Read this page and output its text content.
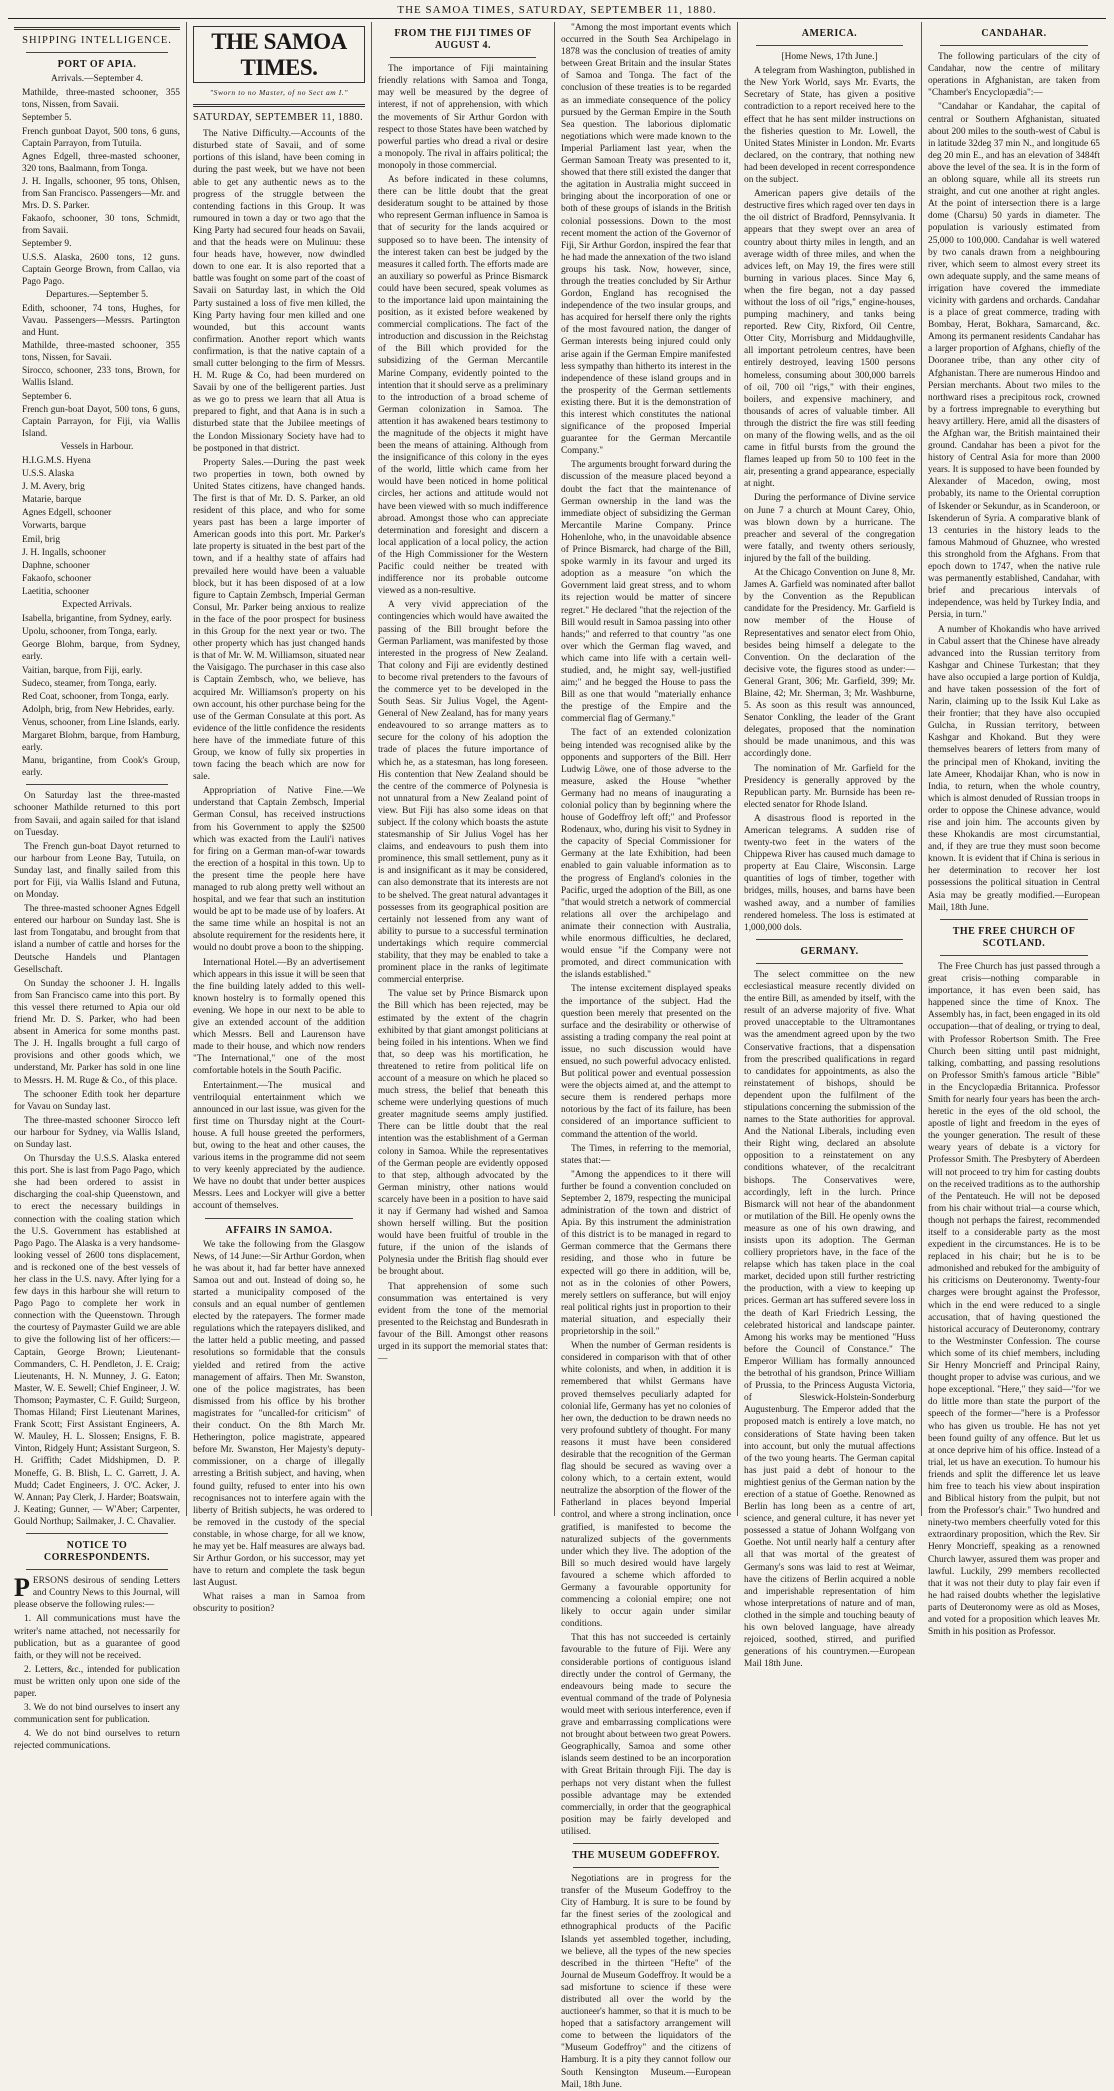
THE SAMOA TIMES, SATURDAY, SEPTEMBER 11, 1880.
SHIPPING INTELLIGENCE.
PORT OF APIA.

Arrivals.—September 4.

Mathilde, three-masted schooner, 355 tons, Nissen, from Savaii.

September 5.

French gunboat Dayot, 500 tons, 6 guns, Captain Parrayon, from Tutuila.

Agnes Edgell, three-masted schooner, 320 tons, Baalmann, from Tonga.

J. H. Ingalls, schooner, 95 tons, Ohlsen, from San Francisco. Passengers—Mr. and Mrs. D. S. Parker.

Fakaofo, schooner, 30 tons, Schmidt, from Savaii.

September 9.

U.S.S. Alaska, 2600 tons, 12 guns. Captain George Brown, from Callao, via Pago Pago.

Departures.—September 5.

Edith, schooner, 74 tons, Hughes, for Vavau. Passengers—Messrs. Partington and Hunt.

Mathilde, three-masted schooner, 355 tons, Nissen, for Savaii.

Sirocco, schooner, 233 tons, Brown, for Wallis Island.

September 6.

French gun-boat Dayot, 500 tons, 6 guns, Captain Parrayon, for Fiji, via Wallis Island.

Vessels in Harbour.

H.I.G.M.S. Hyena

U.S.S. Alaska

J. M. Avery, brig

Matarie, barque

Agnes Edgell, schooner

Vorwarts, barque

Emil, brig

J. H. Ingalls, schooner

Daphne, schooner

Fakaofo, schooner

Laetitia, schooner

Expected Arrivals.

Isabella, brigantine, from Sydney, early.

Upolu, schooner, from Tonga, early.

George Blohm, barque, from Sydney, early.

Vaitian, barque, from Fiji, early.

Sudeco, steamer, from Tonga, early.

Red Coat, schooner, from Tonga, early.

Adolph, brig, from New Hebrides, early.

Venus, schooner, from Line Islands, early.

Margaret Blohm, barque, from Hamburg, early.

Manu, brigantine, from Cook's Group, early.

On Saturday last the three-masted schooner Mathilde returned to this port from Savaii, and again sailed for that island on Tuesday.

The French gun-boat Dayot returned to our harbour from Leone Bay, Tutuila, on Sunday last, and finally sailed from this port for Fiji, via Wallis Island and Futuna, on Monday.

The three-masted schooner Agnes Edgell entered our harbour on Sunday last. She is last from Tongatabu, and brought from that island a number of cattle and horses for the Deutsche Handels und Plantagen Gesellschaft.

On Sunday the schooner J. H. Ingalls from San Francisco came into this port. By this vessel there returned to Apia our old friend Mr. D. S. Parker, who had been absent in America for some months past. The J. H. Ingalls brought a full cargo of provisions and other goods which, we understand, Mr. Parker has sold in one line to Messrs. H. M. Ruge & Co., of this place.

The schooner Edith took her departure for Vavau on Sunday last.

The three-masted schooner Sirocco left our harbour for Sydney, via Wallis Island, on Sunday last.

On Thursday the U.S.S. Alaska entered this port. She is last from Pago Pago, which she had been ordered to assist in discharging the coal-ship Queenstown, and to erect the necessary buildings in connection with the coaling station which the U.S. Government has established at Pago Pago. The Alaska is a very handsome-looking vessel of 2600 tons displacement, and is reckoned one of the best vessels of her class in the U.S. navy. After lying for a few days in this harbour she will return to Pago Pago to complete her work in connection with the Queenstown. Through the courtesy of Paymaster Guild we are able to give the following list of her officers:—Captain, George Brown; Lieutenant-Commanders, C. H. Pendleton, J. E. Craig; Lieutenants, H. N. Munney, J. G. Eaton; Master, W. E. Sewell; Chief Engineer, J. W. Thomson; Paymaster, C. F. Guild; Surgeon, Thomas Hiland; First Lieutenant Marines, Frank Scott; First Assistant Engineers, A. W. Mauley, H. L. Slossen; Ensigns, F. B. Vinton, Ridgely Hunt; Assistant Surgeon, S. H. Griffith; Cadet Midshipmen, D. P. Moneffe, G. B. Blish, L. C. Garrett, J. A. Mudd; Cadet Engineers, J. O'C. Acker, J. W. Annan; Pay Clerk, J. Harder; Boatswain, J. Keating; Gunner, — W'Aber; Carpenter, Gould Northup; Sailmaker, J. C. Chavalier.

NOTICE TO CORRESPONDENTS.

PERSONS desirous of sending Letters and Country News to this Journal, will please observe the following rules:—

1. All communications must have the writer's name attached, not necessarily for publication, but as a guarantee of good faith, or they will not be received.

2. Letters, &c., intended for publication must be written only upon one side of the paper.

3. We do not bind ourselves to insert any communication sent for publication.

4. We do not bind ourselves to return rejected communications.

THE SAMOA TIMES.
"Sworn to no Master, of no Sect am I."
SATURDAY, SEPTEMBER 11, 1880.

The Native Difficulty.—Accounts of the disturbed state of Savaii, and of some portions of this island, have been coming in during the past week, but we have not been able to get any authentic news as to the progress of the struggle between the contending factions in this Group. It was rumoured in town a day or two ago that the King Party had secured four heads on Savaii, and that the heads were on Mulinuu: these four heads have, however, now dwindled down to one ear. It is also reported that a battle was fought on some part of the coast of Savaii on Saturday last, in which the Old Party sustained a loss of five men killed, the King Party having four men killed and one wounded, but this account wants confirmation. Another report which wants confirmation, is that the native captain of a small cutter belonging to the firm of Messrs. H. M. Ruge & Co, had been murdered on Savaii by one of the belligerent parties. Just as we go to press we learn that all Atua is prepared to fight, and that Aana is in such a disturbed state that the Jubilee meetings of the London Missionary Society have had to be postponed in that district.

Property Sales.—During the past week two properties in town, both owned by United States citizens, have changed hands. The first is that of Mr. D. S. Parker, an old resident of this place, and who for some years past has been a large importer of American goods into this port. Mr. Parker's late property is situated in the best part of the town, and if a healthy state of affairs had prevailed here would have been a valuable block, but it has been disposed of at a low figure to Captain Zembsch, Imperial German Consul, Mr. Parker being anxious to realize in the face of the poor prospect for business in this Group for the next year or two. The other property which has just changed hands is that of Mr. W. M. Williamson, situated near the Vaisigago. The purchaser in this case also is Captain Zembsch, who, we believe, has acquired Mr. Williamson's property on his own account, his other purchase being for the use of the German Consulate at this port. As evidence of the little confidence the residents here have of the immediate future of this Group, we know of fully six properties in town facing the beach which are now for sale.

Appropriation of Native Fine.—We understand that Captain Zembsch, Imperial German Consul, has received instructions from his Government to apply the $2500 which was exacted from the Lauli'i natives for firing on a German man-of-war towards the erection of a hospital in this town. Up to the present time the people here have managed to rub along pretty well without an hospital, and we fear that such an institution would be apt to be made use of by loafers. At the same time while an hospital is not an absolute requirement for the residents here, it would no doubt prove a boon to the shipping.

International Hotel.—By an advertisement which appears in this issue it will be seen that the fine building lately added to this well-known hostelry is to formally opened this evening. We hope in our next to be able to give an extended account of the addition which Messrs. Bell and Laurenson have made to their house, and which now renders "The International," one of the most comfortable hotels in the South Pacific.

Entertainment.—The musical and ventriloquial entertainment which we announced in our last issue, was given for the first time on Thursday night at the Court-house. A full house greeted the performers, but, owing to the heat and other causes, the various items in the programme did not seem to very keenly appreciated by the audience. We have no doubt that under better auspices Messrs. Lees and Lockyer will give a better account of themselves.

AFFAIRS IN SAMOA.

We take the following from the Glasgow News, of 14 June:—Sir Arthur Gordon, when he was about it, had far better have annexed Samoa out and out. Instead of doing so, he started a municipality composed of the consuls and an equal number of gentlemen elected by the ratepayers. The former made regulations which the ratepayers disliked, and the latter held a public meeting, and passed resolutions so formidable that the consuls yielded and retired from the active management of affairs. Then Mr. Swanston, one of the police magistrates, has been dismissed from his office by his brother magistrates for "uncalled-for criticism" of their conduct. On the 8th March Mr. Hetherington, police magistrate, appeared before Mr. Swanston, Her Majesty's deputy-commissioner, on a charge of illegally arresting a British subject, and having, when found guilty, refused to enter into his own recognisances not to interfere again with the liberty of British subjects, he was ordered to be removed in the custody of the special constable, in whose charge, for all we know, he may yet be. Half measures are always bad. Sir Arthur Gordon, or his successor, may yet have to return and complete the task begun last August.

What raises a man in Samoa from obscurity to position?

FROM THE FIJI TIMES OF AUGUST 4.

The importance of Fiji maintaining friendly relations with Samoa and Tonga, may well be measured by the degree of interest, if not of apprehension, with which the movements of Sir Arthur Gordon with respect to those States have been watched by powerful parties who dread a rival or desire a monopoly. The rival in affairs political; the monopoly in those commercial.

As before indicated in these columns, there can be little doubt that the great desideratum sought to be attained by those who represent German influence in Samoa is that of security for the lands acquired or supposed so to have been. The intensity of the interest taken can best be judged by the measures it called forth. The efforts made are an auxiliary so powerful as Prince Bismarck could have been secured, speak volumes as to the importance laid upon maintaining the position, as it existed before weakened by commercial complications. The fact of the introduction and discussion in the Reichstag of the Bill which provided for the subsidizing of the German Mercantile Marine Company, evidently pointed to the intention that it should serve as a preliminary to the introduction of a broad scheme of German colonization in Samoa. The attention it has awakened bears testimony to the magnitude of the objects it might have been the means of attaining. Although from the insignificance of this colony in the eyes of the world, little which came from her would have been noticed in home political circles, her actions and attitude would not have been viewed with so much indifference abroad. Amongst those who can appreciate determination and foresight and discern a local application of a local policy, the action of the High Commissioner for the Western Pacific could neither be treated with indifference nor its probable outcome viewed as a non-resultive.

A very vivid appreciation of the contingencies which would have awaited the passing of the Bill brought before the German Parliament, was manifested by those interested in the progress of New Zealand. That colony and Fiji are evidently destined to become rival pretenders to the favours of the commerce yet to be developed in the South Seas. Sir Julius Vogel, the Agent-General of New Zealand, has for many years endeavoured to so arrange matters as to secure for the colony of his adoption the trade of places the future importance of which he, as a statesman, has long foreseen. His contention that New Zealand should be the centre of the commerce of Polynesia is not unnatural from a New Zealand point of view. But Fiji has also some ideas on that subject. If the colony which boasts the astute statesmanship of Sir Julius Vogel has her claims, and endeavours to push them into prominence, this small settlement, puny as it is and insignificant as it may be considered, can also demonstrate that its interests are not to be shelved. The great natural advantages it possesses from its geographical position are certainly not lessened from any want of ability to pursue to a successful termination undertakings which require commercial stability, that they may be enabled to take a prominent place in the ranks of legitimate commercial enterprise.

The value set by Prince Bismarck upon the Bill which has been rejected, may be estimated by the extent of the chagrin exhibited by that giant amongst politicians at being foiled in his intentions. When we find that, so deep was his mortification, he threatened to retire from political life on account of a measure on which he placed so much stress, the belief that beneath this scheme were underlying questions of much greater magnitude seems amply justified. There can be little doubt that the real intention was the establishment of a German colony in Samoa. While the representatives of the German people are evidently opposed to that step, although advocated by the German ministry, other nations would scarcely have been in a position to have said it nay if Germany had wished and Samoa shown herself willing. But the position would have been fruitful of trouble in the future, if the union of the islands of Polynesia under the British flag should ever be brought about.

That apprehension of some such consummation was entertained is very evident from the tone of the memorial presented to the Reichstag and Bundesrath in favour of the Bill. Amongst other reasons urged in its support the memorial states that:—

"Among the most important events which occurred in the South Sea Archipelago in 1878 was the conclusion of treaties of amity between Great Britain and the insular States of Samoa and Tonga. The fact of the conclusion of these treaties is to be regarded as an immediate consequence of the policy pursued by the German Empire in the South Sea question. The laborious diplomatic negotiations which were made known to the Imperial Parliament last year, when the German Samoan Treaty was presented to it, showed that there still existed the danger that the agitation in Australia might succeed in bringing about the incorporation of one or both of these groups of islands in the British colonial possessions. Down to the most recent moment the action of the Governor of Fiji, Sir Arthur Gordon, inspired the fear that he had made the annexation of the two island groups his task. Now, however, since, through the treaties concluded by Sir Arthur Gordon, England has recognised the independence of the two insular groups, and has acquired for herself there only the rights of the most favoured nation, the danger of German interests being injured could only arise again if the German Empire manifested less sympathy than hitherto its interest in the independence of these island groups and in the prosperity of the German settlements existing there. But it is the demonstration of this interest which constitutes the national significance of the proposed Imperial guarantee for the German Mercantile Company."

The arguments brought forward during the discussion of the measure placed beyond a doubt the fact that the maintenance of German ownership in the land was the immediate object of subsidizing the German Mercantile Marine Company. Prince Hohenlohe, who, in the unavoidable absence of Prince Bismarck, had charge of the Bill, spoke warmly in its favour and urged its adoption as a measure "on which the Government laid great stress, and to whom its rejection would be matter of sincere regret." He declared "that the rejection of the Bill would result in Samoa passing into other hands;" and referred to that country "as one over which the German flag waved, and which came into life with a certain well-studied, and, he might say, well-justified aim;" and he begged the House to pass the Bill as one that would "materially enhance the prestige of the Empire and the commercial flag of Germany."

The fact of an extended colonization being intended was recognised alike by the opponents and supporters of the Bill. Herr Ludwig Löwe, one of those adverse to the measure, asked the House "whether Germany had no means of inaugurating a colonial policy than by beginning where the house of Godeffroy left off;" and Professor Rodenaux, who, during his visit to Sydney in the capacity of Special Commissioner for Germany at the late Exhibition, had been enabled to gain valuable information as to the progress of England's colonies in the Pacific, urged the adoption of the Bill, as one "that would stretch a network of commercial relations all over the archipelago and animate their connection with Australia, while enormous difficulties, he declared, would ensue "if the Company were not promoted, and direct communication with the islands established."

The intense excitement displayed speaks the importance of the subject. Had the question been merely that presented on the surface and the desirability or otherwise of assisting a trading company the real point at issue, no such discussion would have ensued, no such powerful advocacy enlisted. But political power and eventual possession were the objects aimed at, and the attempt to secure them is rendered perhaps more notorious by the fact of its failure, has been considered of an importance sufficient to command the attention of the world.

The Times, in referring to the memorial, states that:—

"Among the appendices to it there will further be found a convention concluded on September 2, 1879, respecting the municipal administration of the town and district of Apia. By this instrument the administration of this district is to be managed in regard to German commerce that the Germans there residing, and those who in future be expected will go there in addition, will be, not as in the colonies of other Powers, merely settlers on sufferance, but will enjoy real political rights just in proportion to their material situation, and especially their proprietorship in the soil."

When the number of German residents is considered in comparison with that of other white colonists, and when, in addition it is remembered that whilst Germans have proved themselves peculiarly adapted for colonial life, Germany has yet no colonies of her own, the deduction to be drawn needs no very profound subtlety of thought. For many reasons it must have been considered desirable that the recognition of the German flag should be secured as waving over a colony which, to a certain extent, would neutralize the absorption of the flower of the Fatherland in places beyond Imperial control, and where a strong inclination, once gratified, is manifested to become the naturalized subjects of the governments under which they live. The adoption of the Bill so much desired would have largely favoured a scheme which afforded to Germany a favourable opportunity for commencing a colonial empire; one not likely to occur again under similar conditions.

That this has not succeeded is certainly favourable to the future of Fiji. Were any considerable portions of contiguous island directly under the control of Germany, the endeavours being made to secure the eventual command of the trade of Polynesia would meet with serious interference, even if grave and embarrassing complications were not brought about between two great Powers. Geographically, Samoa and some other islands seem destined to be an incorporation with Great Britain through Fiji. The day is perhaps not very distant when the fullest possible advantage may be extended commercially, in order that the geographical position may be fairly developed and utilised.

THE MUSEUM GODEFFROY.

Negotiations are in progress for the transfer of the Museum Godeffroy to the City of Hamburg. It is sure to be found by far the finest series of the zoological and ethnographical products of the Pacific Islands yet assembled together, including, we believe, all the types of the new species described in the thirteen "Hefte" of the Journal de Museum Godeffroy. It would be a sad misfortune to science if these were distributed all over the world by the auctioneer's hammer, so that it is much to be hoped that a satisfactory arrangement will come to between the liquidators of the "Museum Godeffroy" and the citizens of Hamburg. It is a pity they cannot follow our South Kensington Museum.—European Mail, 18th June.

AMERICA.

[Home News, 17th June.]

A telegram from Washington, published in the New York World, says Mr. Evarts, the Secretary of State, has given a positive contradiction to a report received here to the effect that he has sent milder instructions on the fisheries question to Mr. Lowell, the United States Minister in London. Mr. Evarts declared, on the contrary, that nothing new had been developed in recent correspondence on the subject.

American papers give details of the destructive fires which raged over ten days in the oil district of Bradford, Pennsylvania. It appears that they swept over an area of country about thirty miles in length, and an average width of three miles, and when the advices left, on May 19, the fires were still burning in various places. Since May 6, when the fire began, not a day passed without the loss of oil "rigs," engine-houses, pumping machinery, and tanks being reported. Rew City, Rixford, Oil Centre, Otter City, Morrisburg and Middaughville, all important petroleum centres, have been entirely destroyed, leaving 1500 persons homeless, consuming about 300,000 barrels of oil, 700 oil "rigs," with their engines, boilers, and expensive machinery, and thousands of acres of valuable timber. All through the district the fire was still feeding on many of the flowing wells, and as the oil came in fitful bursts from the ground the flames leaped up from 50 to 100 feet in the air, presenting a grand appearance, especially at night.

During the performance of Divine service on June 7 a church at Mount Carey, Ohio, was blown down by a hurricane. The preacher and several of the congregation were fatally, and twenty others seriously, injured by the fall of the building.

At the Chicago Convention on June 8, Mr. James A. Garfield was nominated after ballot by the Convention as the Republican candidate for the Presidency. Mr. Garfield is now member of the House of Representatives and senator elect from Ohio, besides being himself a delegate to the Convention. On the declaration of the decisive vote, the figures stood as under:—General Grant, 306; Mr. Garfield, 399; Mr. Blaine, 42; Mr. Sherman, 3; Mr. Washburne, 5. As soon as this result was announced, Senator Conkling, the leader of the Grant delegates, proposed that the nomination should be made unanimous, and this was accordingly done.

The nomination of Mr. Garfield for the Presidency is generally approved by the Republican party. Mr. Burnside has been re-elected senator for Rhode Island.

A disastrous flood is reported in the American telegrams. A sudden rise of twenty-two feet in the waters of the Chippewa River has caused much damage to property at Eau Claire, Wisconsin. Large quantities of logs of timber, together with bridges, mills, houses, and barns have been washed away, and a number of families rendered homeless. The loss is estimated at 1,000,000 dols.

GERMANY.

The select committee on the new ecclesiastical measure recently divided on the entire Bill, as amended by itself, with the result of an adverse majority of five. What proved unacceptable to the Ultramontanes was the amendment agreed upon by the two Conservative fractions, that a dispensation from the prescribed qualifications in regard to candidates for appointments, as also the reinstatement of bishops, should be dependent upon the fulfilment of the stipulations concerning the submission of the names to the State authorities for approval. And the National Liberals, including even their Right wing, declared an absolute opposition to a reinstatement on any conditions whatever, of the recalcitrant bishops. The Conservatives were, accordingly, left in the lurch. Prince Bismarck will not hear of the abandonment or mutilation of the Bill. He openly owns the measure as one of his own drawing, and insists upon its adoption. The German colliery proprietors have, in the face of the relapse which has taken place in the coal market, decided upon still further restricting the production, with a view to keeping up prices. German art has suffered severe loss in the death of Karl Friedrich Lessing, the celebrated historical and landscape painter. Among his works may be mentioned "Huss before the Council of Constance." The Emperor William has formally announced the betrothal of his grandson, Prince William of Prussia, to the Princess Augusta Victoria, of Sleswick-Holstein-Sonderburg Augustenburg. The Emperor added that the proposed match is entirely a love match, no considerations of State having been taken into account, but only the mutual affections of the two young hearts. The German capital has just paid a debt of honour to the mightiest genius of the German nation by the erection of a statue of Goethe. Renowned as Berlin has long been as a centre of art, science, and general culture, it has never yet possessed a statue of Johann Wolfgang von Goethe. Not until nearly half a century after all that was mortal of the greatest of Germany's sons was laid to rest at Weimar, have the citizens of Berlin acquired a noble and imperishable representation of him whose interpretations of nature and of man, clothed in the simple and touching beauty of his own beloved language, have already rejoiced, soothed, stirred, and purified generations of his countrymen.—European Mail 18th June.

CANDAHAR.

The following particulars of the city of Candahar, now the centre of military operations in Afghanistan, are taken from "Chamber's Encyclopædia":—

"Candahar or Kandahar, the capital of central or Southern Afghanistan, situated about 200 miles to the south-west of Cabul is in latitude 32deg 37 min N., and longitude 65 deg 20 min E., and has an elevation of 3484ft above the level of the sea. It is in the form of an oblong square, while all its streets run straight, and cut one another at right angles. At the point of intersection there is a large dome (Charsu) 50 yards in diameter. The population is variously estimated from 25,000 to 100,000. Candahar is well watered by two canals drawn from a neighbouring river, which seem to almost every street its own adequate supply, and the same means of irrigation have covered the immediate vicinity with gardens and orchards. Candahar is a place of great commerce, trading with Bombay, Herat, Bokhara, Samarcand, &c. Among its permanent residents Candahar has a larger proportion of Afghans, chiefly of the Dooranee tribe, than any other city of Afghanistan. There are numerous Hindoo and Persian merchants. About two miles to the northward rises a precipitous rock, crowned by a fortress impregnable to everything but heavy artillery. Here, amid all the disasters of the Afghan war, the British maintained their ground. Candahar has been a pivot for the history of Central Asia for more than 2000 years. It is supposed to have been founded by Alexander of Macedon, owing, most probably, its name to the Oriental corruption of Iskender or Sekundur, as in Scanderoon, or Iskenderun of Syria. A comparative blank of 13 centuries in the history leads to the famous Mahmoud of Ghuznee, who wrested this stronghold from the Afghans. From that epoch down to 1747, when the native rule was permanently established, Candahar, with brief and precarious intervals of independence, was held by Turkey India, and Persia, in turn."

A number of Khokandis who have arrived in Cabul assert that the Chinese have already advanced into the Russian territory from Kashgar and Chinese Turkestan; that they have also occupied a large portion of Kuldja, and have taken possession of the fort of Narin, claiming up to the Issik Kul Lake as their frontier; that they have also occupied Gulcha, in Russian territory, between Kashgar and Khokand. But they were themselves bearers of letters from many of the principal men of Khokand, inviting the late Ameer, Khodaijar Khan, who is now in India, to return, when the whole country, which is almost denuded of Russian troops in order to oppose the Chinese advance, would rise and join him. The accounts given by these Khokandis are most circumstantial, and, if they are true they must soon become known. It is evident that if China is serious in her determination to recover her lost possessions the political situation in Central Asia may be greatly modified.—European Mail, 18th June.

THE FREE CHURCH OF SCOTLAND.

The Free Church has just passed through a great crisis—nothing comparable in importance, it has even been said, has happened since the time of Knox. The Assembly has, in fact, been engaged in its old occupation—that of dealing, or trying to deal, with Professor Robertson Smith. The Free Church been sitting until past midnight, talking, combatting, and passing resolutions on Professor Smith's famous article "Bible" in the Encyclopædia Britannica. Professor Smith for nearly four years has been the arch-heretic in the eyes of the old school, the apostle of light and freedom in the eyes of the younger generation. The result of these weary years of debate is a victory for Professor Smith. The Presbytery of Aberdeen will not proceed to try him for casting doubts on the received traditions as to the authorship of the Pentateuch. He will not be deposed from his chair without trial—a course which, though not perhaps the fairest, recommended itself to a considerable party as the most expedient in the circumstances. He is to be replaced in his chair; but he is to be admonished and rebuked for the ambiguity of his criticisms on Deuteronomy. Twenty-four charges were brought against the Professor, which in the end were reduced to a single accusation, that of having questioned the historical accuracy of Deuteronomy, contrary to the Westminster Confession. The course which some of its chief members, including Sir Henry Moncrieff and Principal Rainy, thought proper to advise was curious, and we hope exceptional. "Here," they said—"for we do little more than state the purport of the speech of the former—"here is a Professor who has given us trouble. He has not yet been found guilty of any offence. But let us at once deprive him of his office. Instead of a trial, let us have an execution. To humour his friends and split the difference let us leave him free to teach his view about inspiration and Biblical history from the pulpit, but not from the Professor's chair." Two hundred and ninety-two members cheerfully voted for this extraordinary proposition, which the Rev. Sir Henry Moncrieff, speaking as a renowned Church lawyer, assured them was proper and lawful. Luckily, 299 members recollected that it was not their duty to play fair even if he had raised doubts whether the legislative parts of Deuteronomy were as old as Moses, and voted for a proposition which leaves Mr. Smith in his position as Professor.
